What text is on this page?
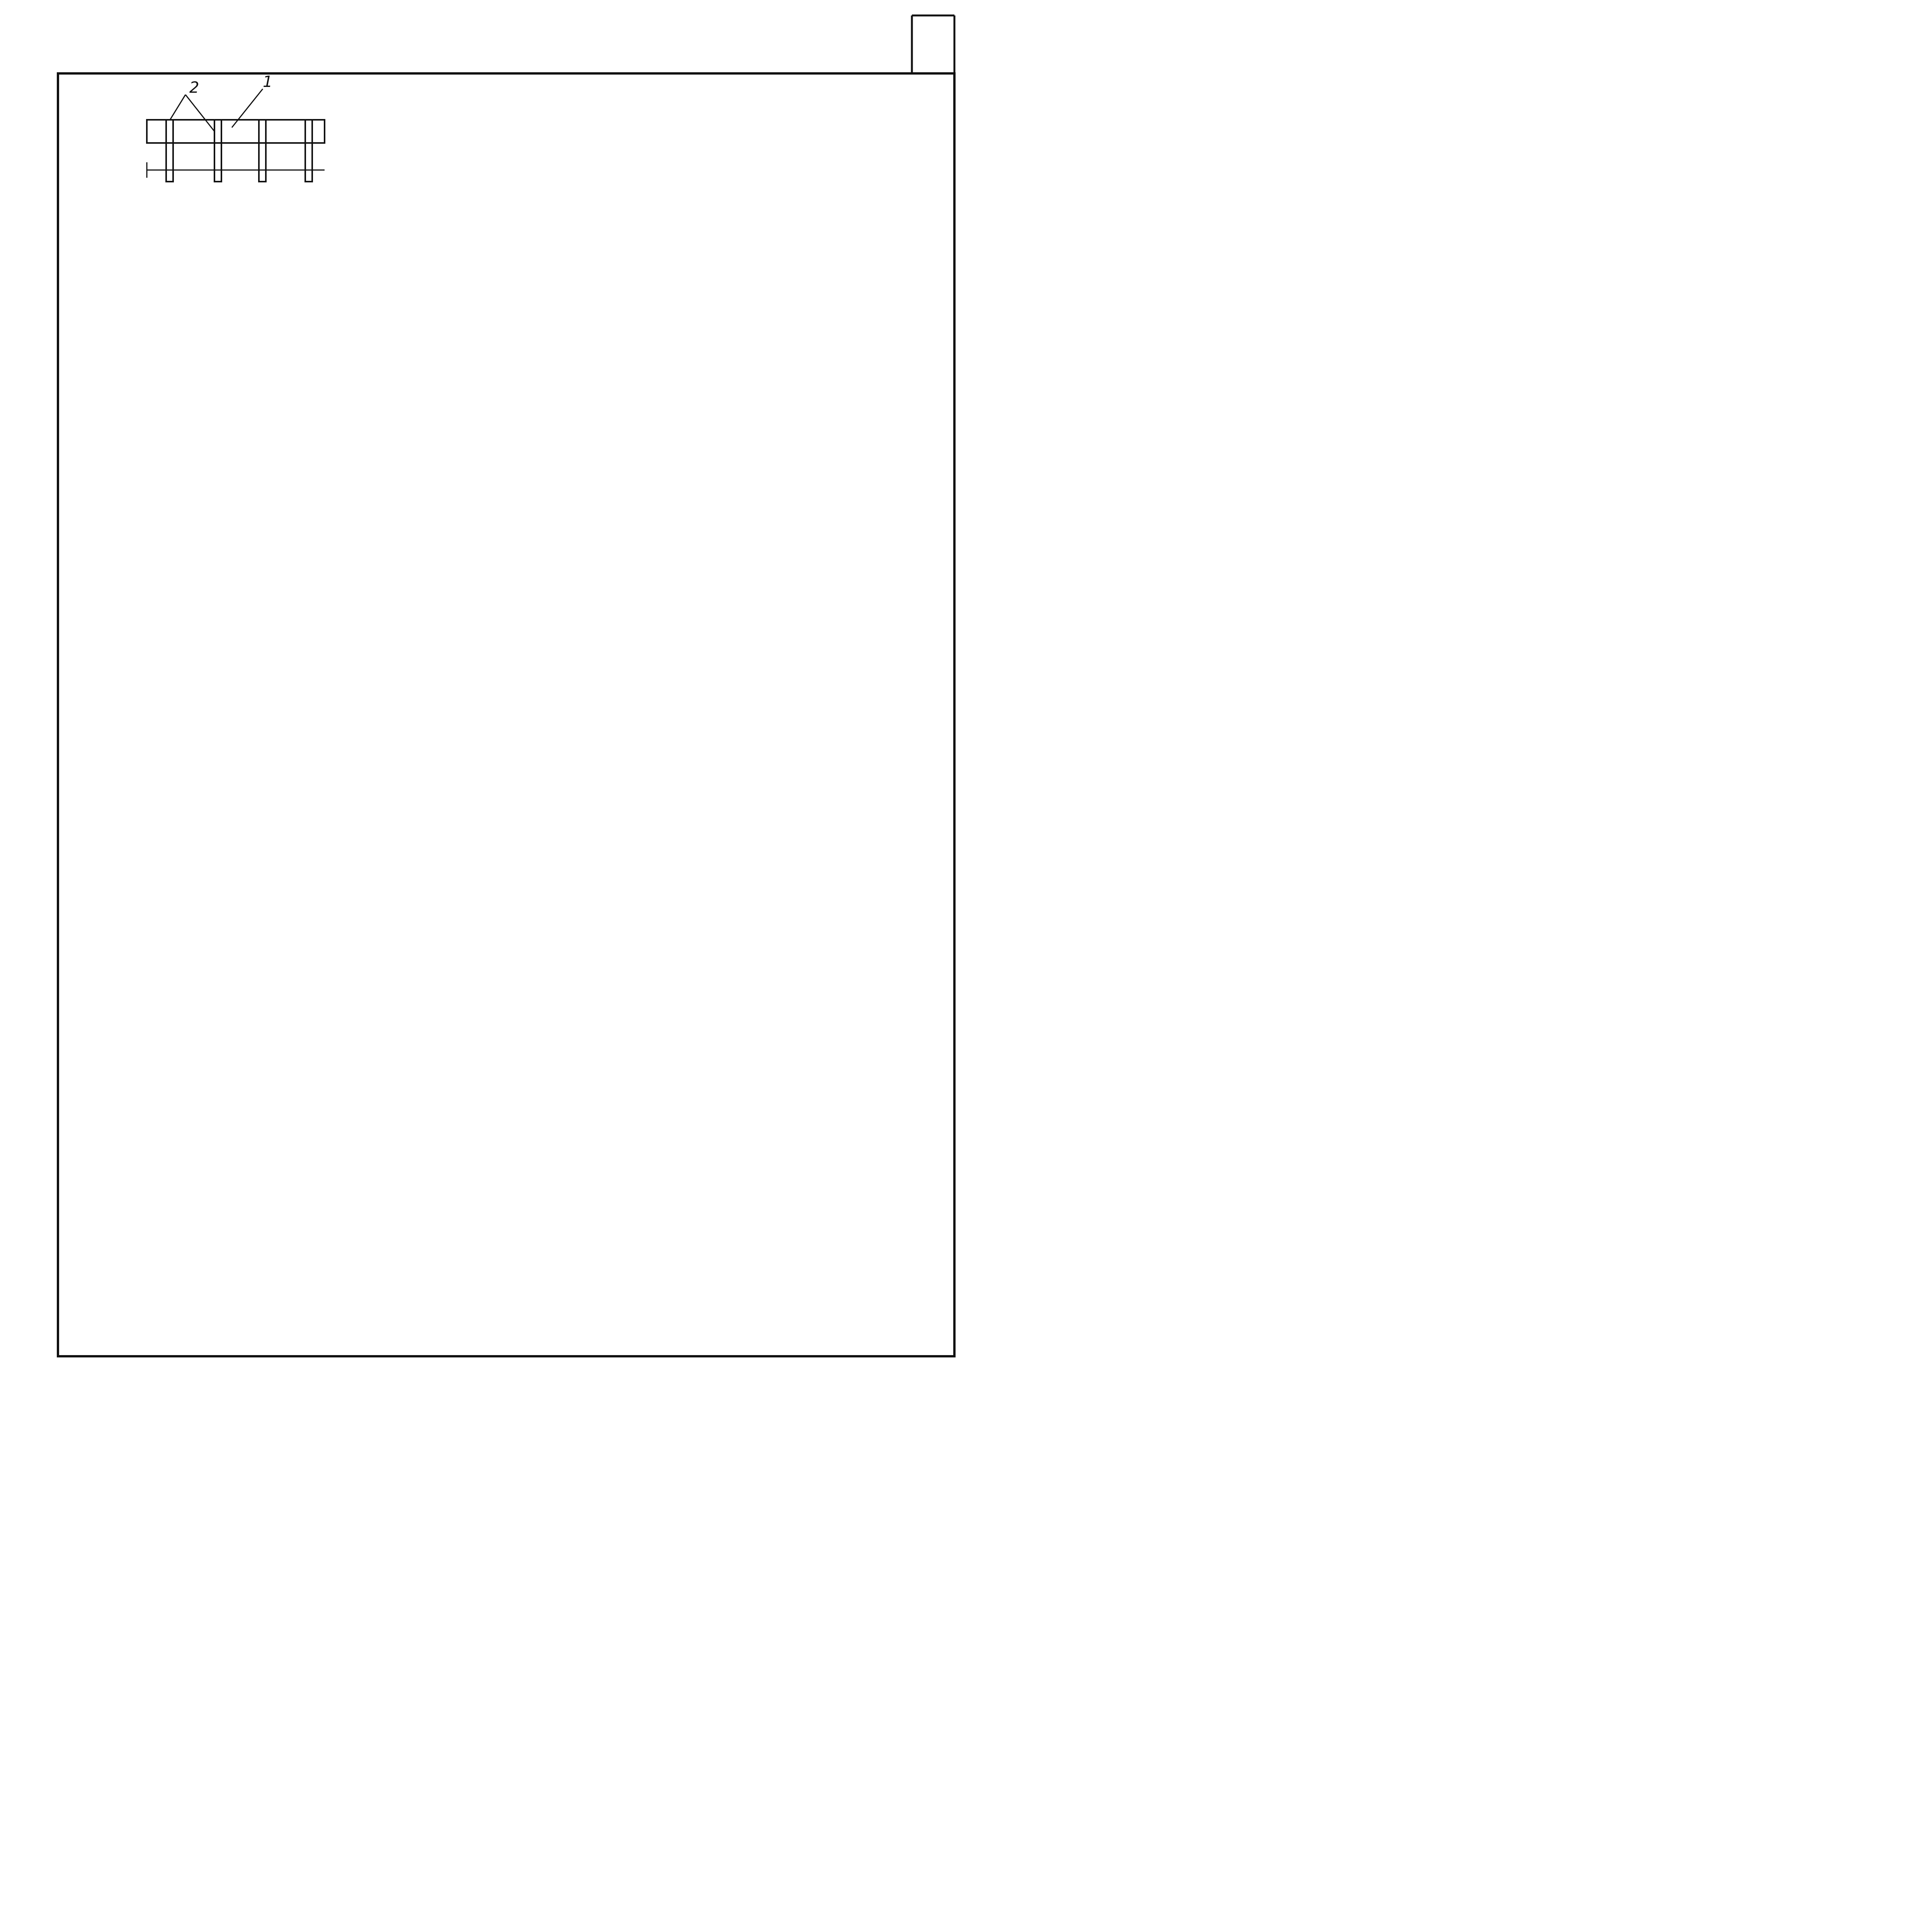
2	1
